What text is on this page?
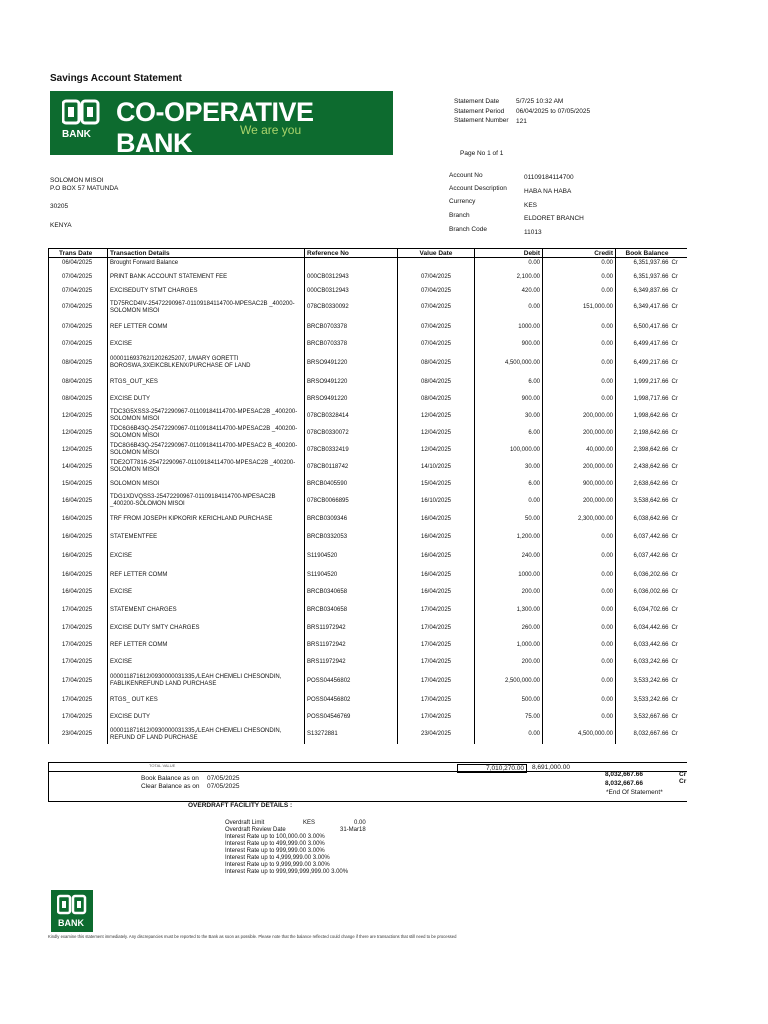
Savings Account Statement
BANK
CO-OPERATIVE BANK	We are you
Statement Date	5/7/25 10:32 AM
Statement Period 06/04/2025 to 07/05/2025
Statement Number 121
Page No 1 of 1
SOLOMON MISOI
P.O BOX 57 MATUNDA
30205
KENYA
Account No	01109184114700
Account Description	HABA NA HABA
Currency
KES
Branch	ELDORET BRANCH
Branch Code	11013
Trans Date	Transaction Details	Reference No	Value Date	Debit	Credit	Book Balance	
06/04/2025	Brought Forward Balance			0.00	0.00	6,351,937.66	Cr
07/04/2025	PRINT BANK ACCOUNT STATEMENT FEE	000CB0312943	07/04/2025	2,100.00	0.00	6,351,937.66	Cr
07/04/2025	EXCISEDUTY STMT CHARGES	000CB0312943	07/04/2025	420.00	0.00	6,349,837.66	Cr
07/04/2025	TD75RCD4IV-25472290967-01109184114700-MPESAC2B _400200-SOLOMON MISOI	078CB0330092	07/04/2025	0.00	151,000.00	6,349,417.66	Cr
07/04/2025	REF LETTER COMM	BRCB0703378	07/04/2025	1000.00	0.00	6,500,417.66	Cr
07/04/2025	EXCISE	BRCB0703378	07/04/2025	900.00	0.00	6,499,417.66	Cr
08/04/2025	000011693762/1202625207, 1/MARY GORETTI BOROSWA,3XEIKCBLKENX/PURCHASE OF LAND	BRSO9491220	08/04/2025	4,500,000.00	0.00	6,499,217.66	Cr
08/04/2025	RTGS_OUT_KES	BRSO9491220	08/04/2025	6.00	0.00	1,999,217.66	Cr
08/04/2025	EXCISE DUTY	BRSO9491220	08/04/2025	900.00	0.00	1,998,717.66	Cr
12/04/2025	TDC3G5XSS3-25472290967-01109184114700-MPESAC2B _400200-SOLOMON MISOI	078CB0328414	12/04/2025	30.00	200,000.00	1,998,642.66	Cr
12/04/2025	TDC6G6B43Q-25472290967-01109184114700-MPESAC2B _400200-SOLOMON MISOI	078CB0330072	12/04/2025	6.00	200,000.00	2,198,642.66	Cr
12/04/2025	TDC8G6B43Q-25472290967-01109184114700-MPESAC2 B_400200-SOLOMON MISOI	078CB0332419	12/04/2025	100,000.00	40,000.00	2,398,642.66	Cr
14/04/2025	TDE2OT7816-25472290967-01109184114700-MPESAC2B _400200-SOLOMON MISOI	078CB0118742	14/10/2025	30.00	200,000.00	2,438,642.66	Cr
15/04/2025	SOLOMON MISOI	BRCB0405590	15/04/2025	6.00	900,000.00	2,638,642.66	Cr
16/04/2025	TDG1XDVQSS3-25472290967-01109184114700-MPESAC2B _400200-SOLOMON MISOI	078CB0066895	16/10/2025	0.00	200,000.00	3,538,642.66	Cr
16/04/2025	TRF FROM JOSEPH KIPKORIR KERICHLAND PURCHASE	BRCB0309346	16/04/2025	50.00	2,300,000.00	6,038,642.66	Cr
16/04/2025	STATEMENTFEE	BRCB0332053	16/04/2025	1,200.00	0.00	6,037,442.66	Cr
16/04/2025	EXCISE	S11904520	16/04/2025	240.00	0.00	6,037,442.66	Cr
16/04/2025	REF LETTER COMM	S11904520	16/04/2025	1000.00	0.00	6,036,202.66	Cr
16/04/2025	EXCISE	BRCB0340658	16/04/2025	200.00	0.00	6,036,002.66	Cr
17/04/2025	STATEMENT CHARGES	BRCB0340658	17/04/2025	1,300.00	0.00	6,034,702.66	Cr
17/04/2025	EXCISE DUTY SMTY CHARGES	BRS11972942	17/04/2025	260.00	0.00	6,034,442.66	Cr
17/04/2025	REF LETTER COMM	BRS11972942	17/04/2025	1,000.00	0.00	6,033,442.66	Cr
17/04/2025	EXCISE	BRS11972942	17/04/2025	200.00	0.00	6,033,242.66	Cr
17/04/2025	000011871612/0930000031335,/LEAH CHEMELI CHESONDIN, FABLIKENREFUND LAND PURCHASE	POSS04456802	17/04/2025	2,500,000.00	0.00	3,533,242.66	Cr
17/04/2025	RTGS_ OUT KES	POSS04456802	17/04/2025	500.00	0.00	3,533,242.66	Cr
17/04/2025	EXCISE DUTY	POSS04546769	17/04/2025	75.00	0.00	3,532,667.66	Cr
23/04/2025	000011871612/0930000031335,/LEAH CHEMELI CHESONDIN, REFUND OF LAND PURCHASE	S13272881	23/04/2025	0.00	4,500,000.00	8,032,667.66	Cr
TOTAL VALUE	7,010,270.00	8,691,000.00
Book Balance as on 07/05/2025
Clear Balance as on 07/05/2025
8,032,667.66	Cr
8,032,667.66	Cr
*End Of Statement*
OVERDRAFT FACILITY DETAILS :
Overdraft Limit	KES	0.00
Overdraft Review Date	31-Mar18
Interest Rate up to 100,000.00 3.00%
Interest Rate up to 499,999.00 3.00%
Interest Rate up to 999,999.00 3.00%
Interest Rate up to 4,999,999.00 3.00%
Interest Rate up to 9,999,999.00 3.00%
Interest Rate up to 999,999,999,999.00 3.00%
BANK
Kindly examine this statement immediately. Any discrepancies must be reported to the Bank as soon as possible. Please note that the balance reflected could change if there are transactions that still need to be processed
